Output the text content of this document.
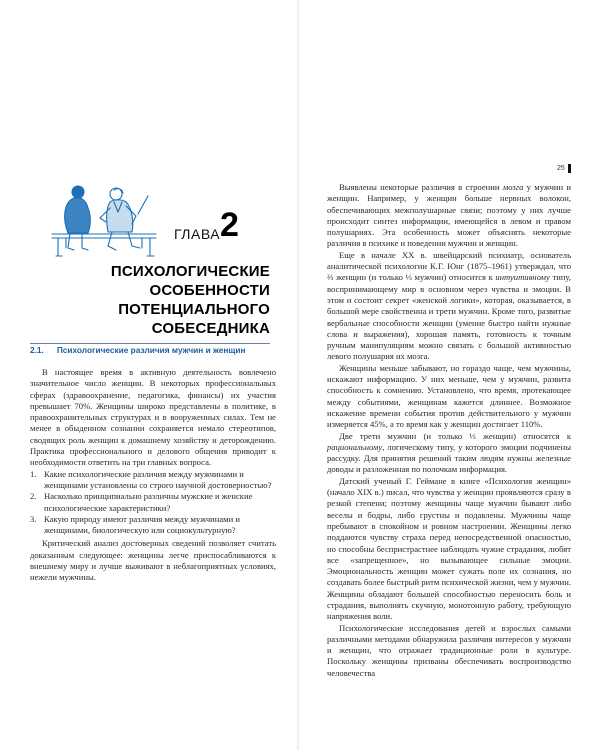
ГЛАВА 2
ПСИХОЛОГИЧЕСКИЕ
ОСОБЕННОСТИ
ПОТЕНЦИАЛЬНОГО
СОБЕСЕДНИКА
2.1. Психологические различия мужчин и женщин

В настоящее время в активную деятельность вовлечено значительное число женщин. В некоторых профессиональных сферах (здравоохранение, педагогика, финансы) их участия превышает 70%. Женщины широко представлены в политике, в правоохранительных структурах и в вооруженных силах. Тем не менее в обыденном сознании сохраняется немало стереотипов, сводящих роль женщин к домашнему хозяйству и деторождению. Практика профессионального и делового общения приводит к необходимости ответить на три главных вопроса.

1. Какие психологические различия между мужчинами и женщинами установлены со строго научной достоверностью?
2. Насколько принципиально различны мужские и женские психологические характеристики?
3. Какую природу имеют различия между мужчинами и женщинами, биологическую или социокультурную?

Критический анализ достоверных сведений позволяет считать доказанным следующее: женщины легче приспосабливаются к внешнему миру и лучше выживают в неблагоприятных условиях, нежели мужчины.

25

Выявлены некоторые различия в строении мозга у мужчин и женщин. Например, у женщин больше нервных волокон, обеспечивающих межполушарные связи; поэтому у них лучше происходит синтез информации, имеющейся в левом и правом полушариях. Эта особенность может объяснять некоторые различия в психике и поведении мужчин и женщин.

Еще в начале XX в. швейцарский психиатр, основатель аналитической психологии К.Г. Юнг (1875–1961) утверждал, что ⅔ женщин (и только ⅓ мужчин) относится к интуитивному типу, воспринимающему мир в основном через чувства и эмоции. В этом и состоит секрет «женской логики», которая, оказывается, в большой мере свойственна и трети мужчин. Кроме того, развитые вербальные способности женщин (умение быстро найти нужные слова и выражения), хорошая память, готовность к точным ручным манипуляциям можно связать с большой активностью левого полушария их мозга.

Женщины меньше забывают, но гораздо чаще, чем мужчины, искажают информацию. У них меньше, чем у мужчин, развита способность к сомнению. Установлено, что время, протекающее между событиями, женщинам кажется длиннее. Возможное искажение времени события против действительного у мужчин измеряется 45%, а то время как у женщин достигает 110%.

Две трети мужчин (и только ⅓ женщин) относятся к рациональному, логическому типу, у которого эмоции подчинены рассудку. Для принятия решений таким людям нужны железные доводы и разложенная по полочкам информация.

Датский ученый Г. Геймане в книге «Психология женщин» (начало XIX в.) писал, что чувства у женщин проявляются сразу в резкой степени; поэтому женщины чаще мужчин бывают либо веселы и бодры, либо грустны и подавлены. Мужчины чаще пребывают в спокойном и ровном настроении. Женщины легко поддаются чувству страха перед непосредственной опасностью, но способны беспристрастнее наблюдать чужие страдания, любят все «запрещенное», но вызывающее сильные эмоции. Эмоциональность женщин может сужать поле их сознания, но создавать более быстрый ритм психической жизни, чем у мужчин. Женщины обладают большей способностью переносить боль и страдания, выполнять скучную, монотонную работу, требующую напряжения воли.

Психологические исследования детей и взрослых самыми различными методами обнаружила различия интересов у мужчин и женщин, что отражает традиционные роли в культуре. Поскольку женщины призваны обеспечивать воспроизводство человечества
